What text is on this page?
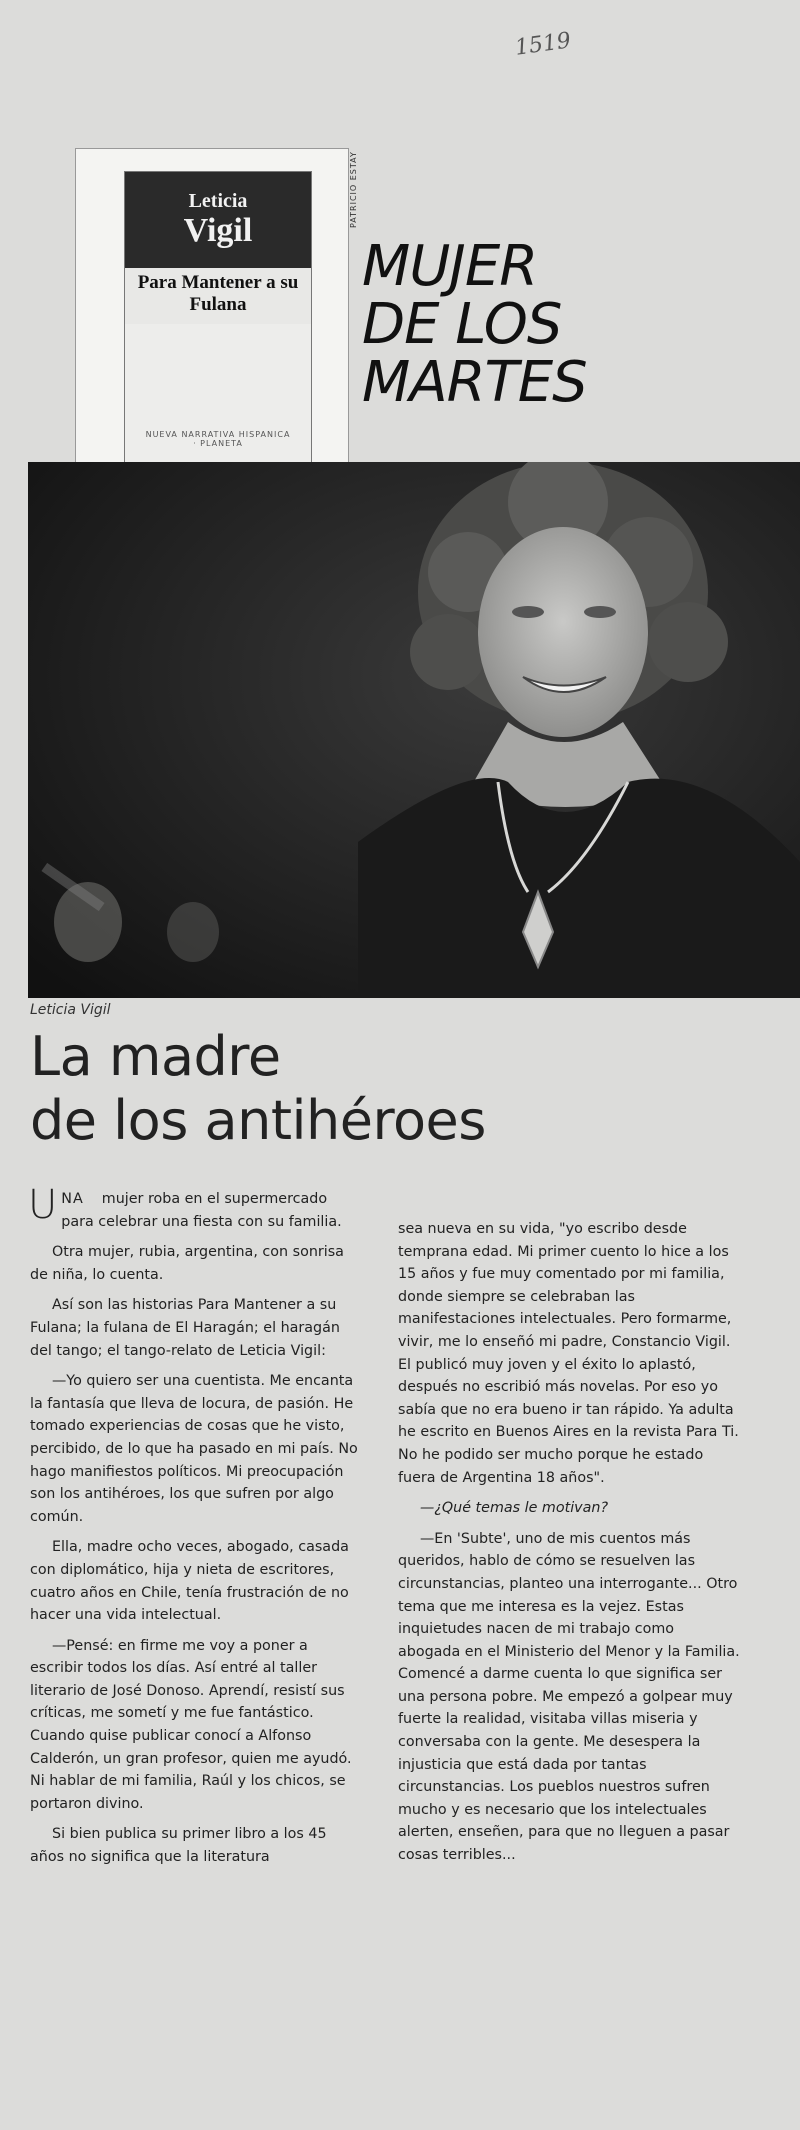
1519
Leticia
Vigil
Para Mantener a su Fulana
NUEVA NARRATIVA HISPANICA · PLANETA
PATRICIO ESTAY
MUJER
DE LOS
MARTES
Leticia Vigil
La madre
de los antihéroes

UNA mujer roba en el supermercado para celebrar una fiesta con su familia.

Otra mujer, rubia, argentina, con sonrisa de niña, lo cuenta.

Así son las historias Para Mantener a su Fulana; la fulana de El Haragán; el haragán del tango; el tango-relato de Leticia Vigil:

—Yo quiero ser una cuentista. Me encanta la fantasía que lleva de locura, de pasión. He tomado experiencias de cosas que he visto, percibido, de lo que ha pasado en mi país. No hago manifiestos políticos. Mi preocupación son los antihéroes, los que sufren por algo común.

Ella, madre ocho veces, abogado, casada con diplomático, hija y nieta de escritores, cuatro años en Chile, tenía frustración de no hacer una vida intelectual.

—Pensé: en firme me voy a poner a escribir todos los días. Así entré al taller literario de José Donoso. Aprendí, resistí sus críticas, me sometí y me fue fantástico. Cuando quise publicar conocí a Alfonso Calderón, un gran profesor, quien me ayudó. Ni hablar de mi familia, Raúl y los chicos, se portaron divino.

Si bien publica su primer libro a los 45 años no significa que la literatura

sea nueva en su vida, "yo escribo desde temprana edad. Mi primer cuento lo hice a los 15 años y fue muy comentado por mi familia, donde siempre se celebraban las manifestaciones intelectuales. Pero formarme, vivir, me lo enseñó mi padre, Constancio Vigil. El publicó muy joven y el éxito lo aplastó, después no escribió más novelas. Por eso yo sabía que no era bueno ir tan rápido. Ya adulta he escrito en Buenos Aires en la revista Para Ti. No he podido ser mucho porque he estado fuera de Argentina 18 años".

—¿Qué temas le motivan?

—En 'Subte', uno de mis cuentos más queridos, hablo de cómo se resuelven las circunstancias, planteo una interrogante... Otro tema que me interesa es la vejez. Estas inquietudes nacen de mi trabajo como abogada en el Ministerio del Menor y la Familia. Comencé a darme cuenta lo que significa ser una persona pobre. Me empezó a golpear muy fuerte la realidad, visitaba villas miseria y conversaba con la gente. Me desespera la injusticia que está dada por tantas circunstancias. Los pueblos nuestros sufren mucho y es necesario que los intelectuales alerten, enseñen, para que no lleguen a pasar cosas terribles...
